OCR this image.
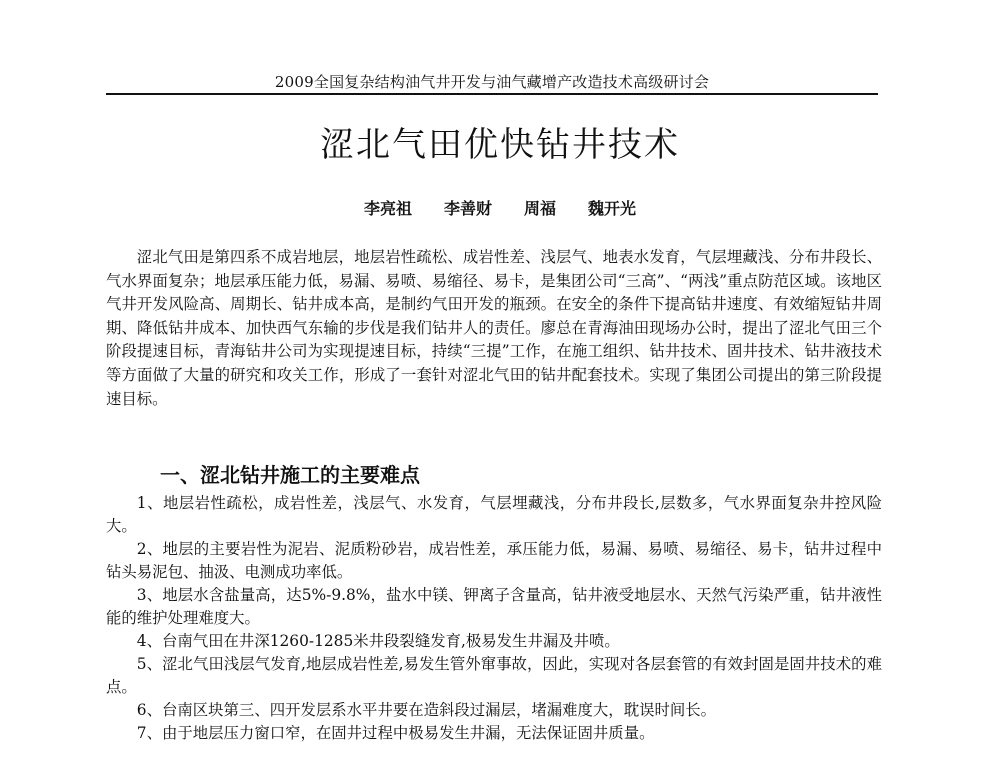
2009全国复杂结构油气井开发与油气藏增产改造技术高级研讨会
涩北气田优快钻井技术
李亮祖 李善财 周福 魏开光

涩北气田是第四系不成岩地层，地层岩性疏松、成岩性差、浅层气、地表水发育，气层埋藏浅、分布井段长、气水界面复杂；地层承压能力低，易漏、易喷、易缩径、易卡，是集团公司“三高”、“两浅”重点防范区域。该地区气井开发风险高、周期长、钻井成本高，是制约气田开发的瓶颈。在安全的条件下提高钻井速度、有效缩短钻井周期、降低钻井成本、加快西气东输的步伐是我们钻井人的责任。廖总在青海油田现场办公时，提出了涩北气田三个阶段提速目标，青海钻井公司为实现提速目标，持续“三提”工作，在施工组织、钻井技术、固井技术、钻井液技术等方面做了大量的研究和攻关工作，形成了一套针对涩北气田的钻井配套技术。实现了集团公司提出的第三阶段提速目标。

一、涩北钻井施工的主要难点

1、地层岩性疏松，成岩性差，浅层气、水发育，气层埋藏浅，分布井段长,层数多，气水界面复杂井控风险大。

2、地层的主要岩性为泥岩、泥质粉砂岩，成岩性差，承压能力低，易漏、易喷、易缩径、易卡，钻井过程中钻头易泥包、抽汲、电测成功率低。

3、地层水含盐量高，达5%-9.8%，盐水中镁、钾离子含量高，钻井液受地层水、天然气污染严重，钻井液性能的维护处理难度大。

4、台南气田在井深1260-1285米井段裂缝发育,极易发生井漏及井喷。

5、涩北气田浅层气发育,地层成岩性差,易发生管外窜事故，因此，实现对各层套管的有效封固是固井技术的难点。

6、台南区块第三、四开发层系水平井要在造斜段过漏层，堵漏难度大，耽误时间长。

7、由于地层压力窗口窄，在固井过程中极易发生井漏，无法保证固井质量。
